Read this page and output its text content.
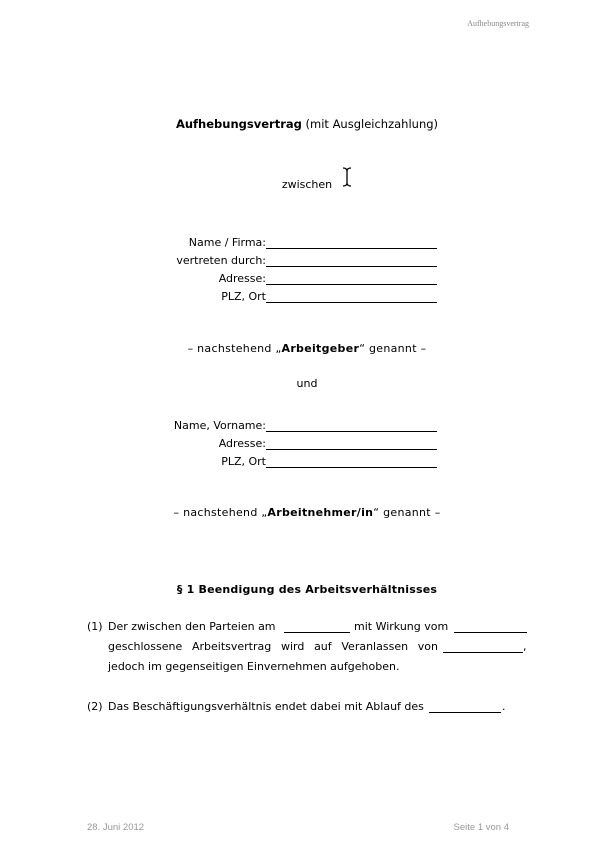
Aufhebungsvertrag
Aufhebungsvertrag (mit Ausgleichzahlung)
zwischen
Name / Firma:
vertreten durch:
Adresse:
PLZ, Ort
– nachstehend „Arbeitgeber“ genannt –
und
Name, Vorname:
Adresse:
PLZ, Ort
– nachstehend „Arbeitnehmer/in“ genannt –
§ 1 Beendigung des Arbeitsverhältnisses
(1) Der zwischen den Parteien am	mit Wirkung vom
geschlossene Arbeitsvertrag wird auf Veranlassen von	,
jedoch im gegenseitigen Einvernehmen aufgehoben.
(2) Das Beschäftigungsverhältnis endet dabei mit Ablauf des	.
28. Juni 2012	Seite 1 von 4
